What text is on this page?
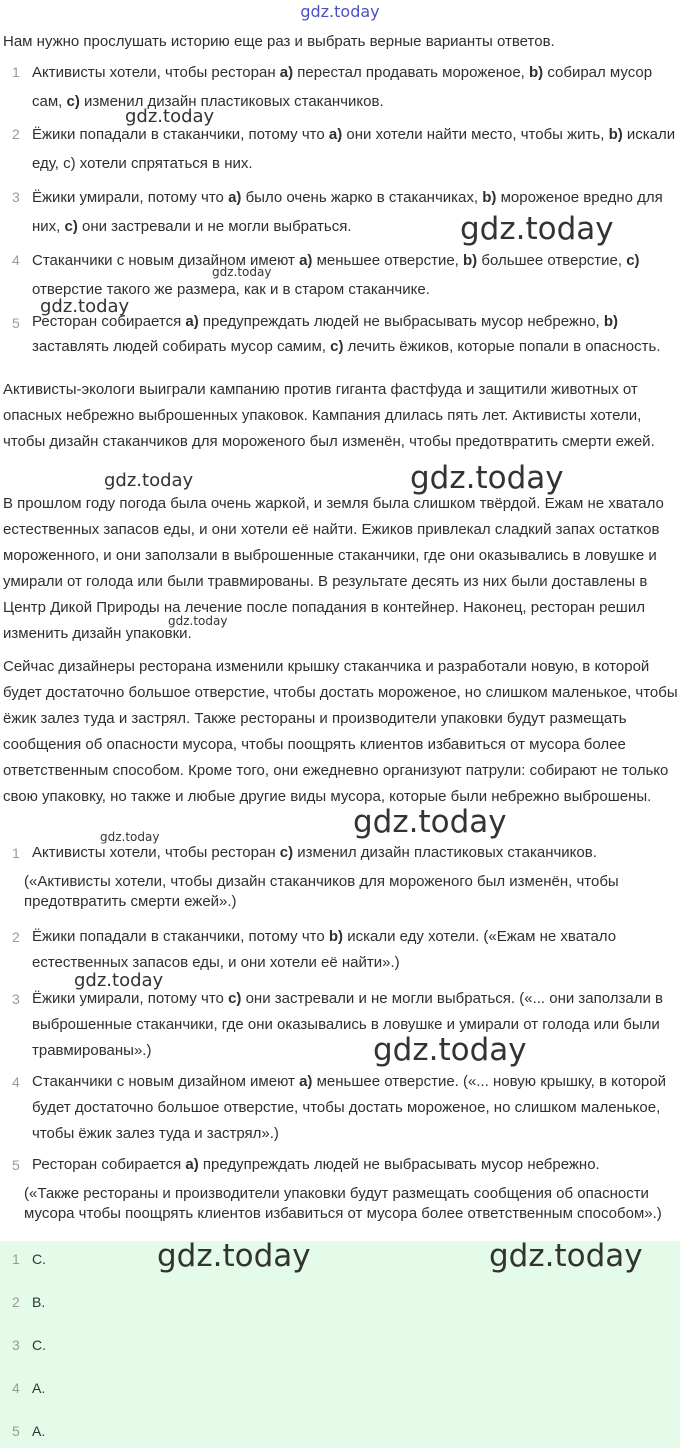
gdz.today
Нам нужно прослушать историю еще раз и выбрать верные варианты ответов.
1 Активисты хотели, чтобы ресторан a) перестал продавать мороженое, b) собирал мусор сам, c) изменил дизайн пластиковых стаканчиков.
2 Ёжики попадали в стаканчики, потому что a) они хотели найти место, чтобы жить, b) искали еду, c) хотели спрятаться в них.
3 Ёжики умирали, потому что a) было очень жарко в стаканчиках, b) мороженое вредно для них, c) они застревали и не могли выбраться.
4 Стаканчики с новым дизайном имеют a) меньшее отверстие, b) большее отверстие, c) отверстие такого же размера, как и в старом стаканчике.
5 Ресторан собирается a) предупреждать людей не выбрасывать мусор небрежно, b) заставлять людей собирать мусор самим, c) лечить ёжиков, которые попали в опасность.
Активисты-экологи выиграли кампанию против гиганта фастфуда и защитили животных от опасных небрежно выброшенных упаковок. Кампания длилась пять лет. Активисты хотели, чтобы дизайн стаканчиков для мороженого был изменён, чтобы предотвратить смерти ежей.
В прошлом году погода была очень жаркой, и земля была слишком твёрдой. Ежам не хватало естественных запасов еды, и они хотели её найти. Ежиков привлекал сладкий запах остатков мороженного, и они заползали в выброшенные стаканчики, где они оказывались в ловушке и умирали от голода или были травмированы. В результате десять из них были доставлены в Центр Дикой Природы на лечение после попадания в контейнер. Наконец, ресторан решил изменить дизайн упаковки.
Сейчас дизайнеры ресторана изменили крышку стаканчика и разработали новую, в которой будет достаточно большое отверстие, чтобы достать мороженое, но слишком маленькое, чтобы ёжик залез туда и застрял. Также рестораны и производители упаковки будут размещать сообщения об опасности мусора, чтобы поощрять клиентов избавиться от мусора более ответственным способом. Кроме того, они ежедневно организуют патрули: собирают не только свою упаковку, но также и любые другие виды мусора, которые были небрежно выброшены.
1 Активисты хотели, чтобы ресторан c) изменил дизайн пластиковых стаканчиков.
(«Активисты хотели, чтобы дизайн стаканчиков для мороженого был изменён, чтобы предотвратить смерти ежей».)
2 Ёжики попадали в стаканчики, потому что b) искали еду хотели. («Ежам не хватало естественных запасов еды, и они хотели её найти».)
3 Ёжики умирали, потому что c) они застревали и не могли выбраться. («... они заползали в выброшенные стаканчики, где они оказывались в ловушке и умирали от голода или были травмированы».)
4 Стаканчики с новым дизайном имеют a) меньшее отверстие. («... новую крышку, в которой будет достаточно большое отверстие, чтобы достать мороженое, но слишком маленькое, чтобы ёжик залез туда и застрял».)
5 Ресторан собирается a) предупреждать людей не выбрасывать мусор небрежно.
(«Также рестораны и производители упаковки будут размещать сообщения об опасности мусора чтобы поощрять клиентов избавиться от мусора более ответственным способом».)
1 C.
2 B.
3 C.
4 A.
5 A.
gdz.today
gdz.today
gdz.today
gdz.today
gdz.today	gdz.today
gdz.today
gdz.today
gdz.today
gdz.today
gdz.today
gdz.today	gdz.today
